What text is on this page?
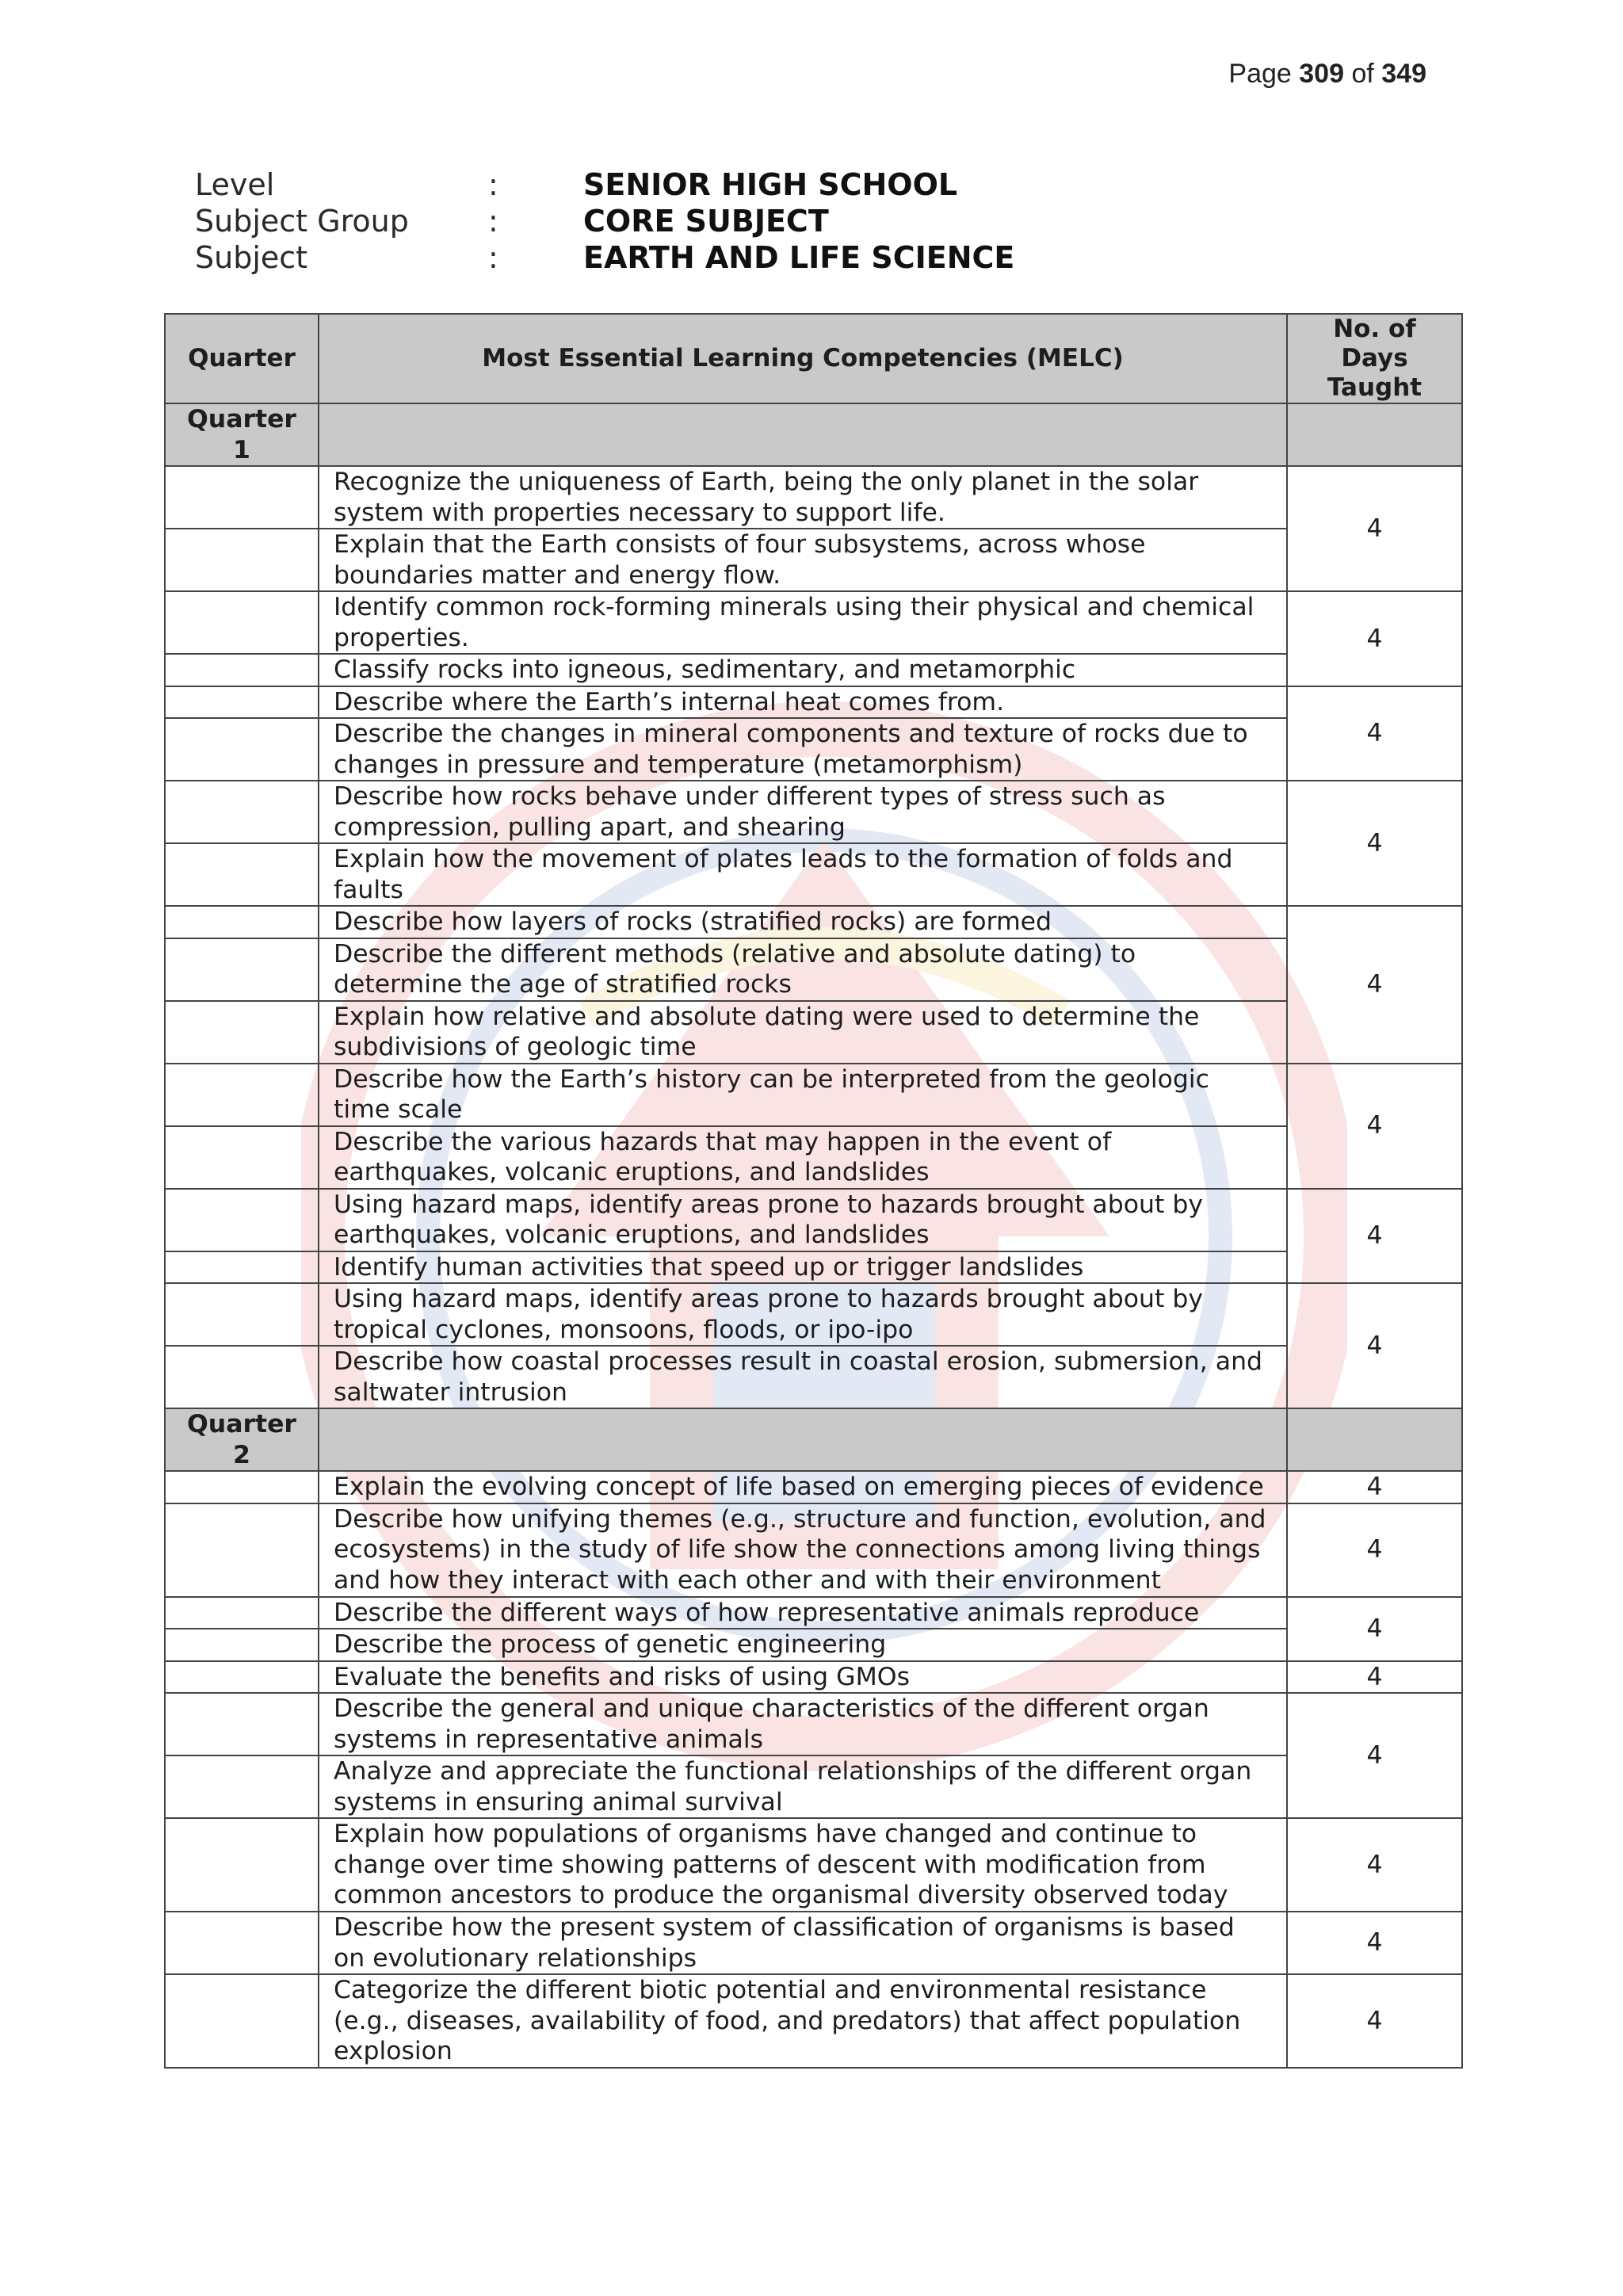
Page 309 of 349
Level	:	SENIOR HIGH SCHOOL
Subject Group	:	CORE SUBJECT
Subject	:	EARTH AND LIFE SCIENCE
Quarter	Most Essential Learning Competencies (MELC)	No. of Days Taught
Quarter 1		
	Recognize the uniqueness of Earth, being the only planet in the solar system with properties necessary to support life.	4
	Explain that the Earth consists of four subsystems, across whose boundaries matter and energy flow.	
	Identify common rock-forming minerals using their physical and chemical properties.	4
	Classify rocks into igneous, sedimentary, and metamorphic	
	Describe where the Earth’s internal heat comes from.	4
	Describe the changes in mineral components and texture of rocks due to changes in pressure and temperature (metamorphism)	
	Describe how rocks behave under different types of stress such as compression, pulling apart, and shearing	4
	Explain how the movement of plates leads to the formation of folds and faults	
	Describe how layers of rocks (stratified rocks) are formed	4
	Describe the different methods (relative and absolute dating) to determine the age of stratified rocks	
	Explain how relative and absolute dating were used to determine the subdivisions of geologic time	
	Describe how the Earth’s history can be interpreted from the geologic time scale	4
	Describe the various hazards that may happen in the event of earthquakes, volcanic eruptions, and landslides	
	Using hazard maps, identify areas prone to hazards brought about by earthquakes, volcanic eruptions, and landslides	4
	Identify human activities that speed up or trigger landslides	
	Using hazard maps, identify areas prone to hazards brought about by tropical cyclones, monsoons, floods, or ipo-ipo	4
	Describe how coastal processes result in coastal erosion, submersion, and saltwater intrusion	
Quarter 2		
	Explain the evolving concept of life based on emerging pieces of evidence	4
	Describe how unifying themes (e.g., structure and function, evolution, and ecosystems) in the study of life show the connections among living things and how they interact with each other and with their environment	4
	Describe the different ways of how representative animals reproduce	4
	Describe the process of genetic engineering	
	Evaluate the benefits and risks of using GMOs	4
	Describe the general and unique characteristics of the different organ systems in representative animals	4
	Analyze and appreciate the functional relationships of the different organ systems in ensuring animal survival	
	Explain how populations of organisms have changed and continue to change over time showing patterns of descent with modification from common ancestors to produce the organismal diversity observed today	4
	Describe how the present system of classification of organisms is based on evolutionary relationships	4
	Categorize the different biotic potential and environmental resistance (e.g., diseases, availability of food, and predators) that affect population explosion	4
